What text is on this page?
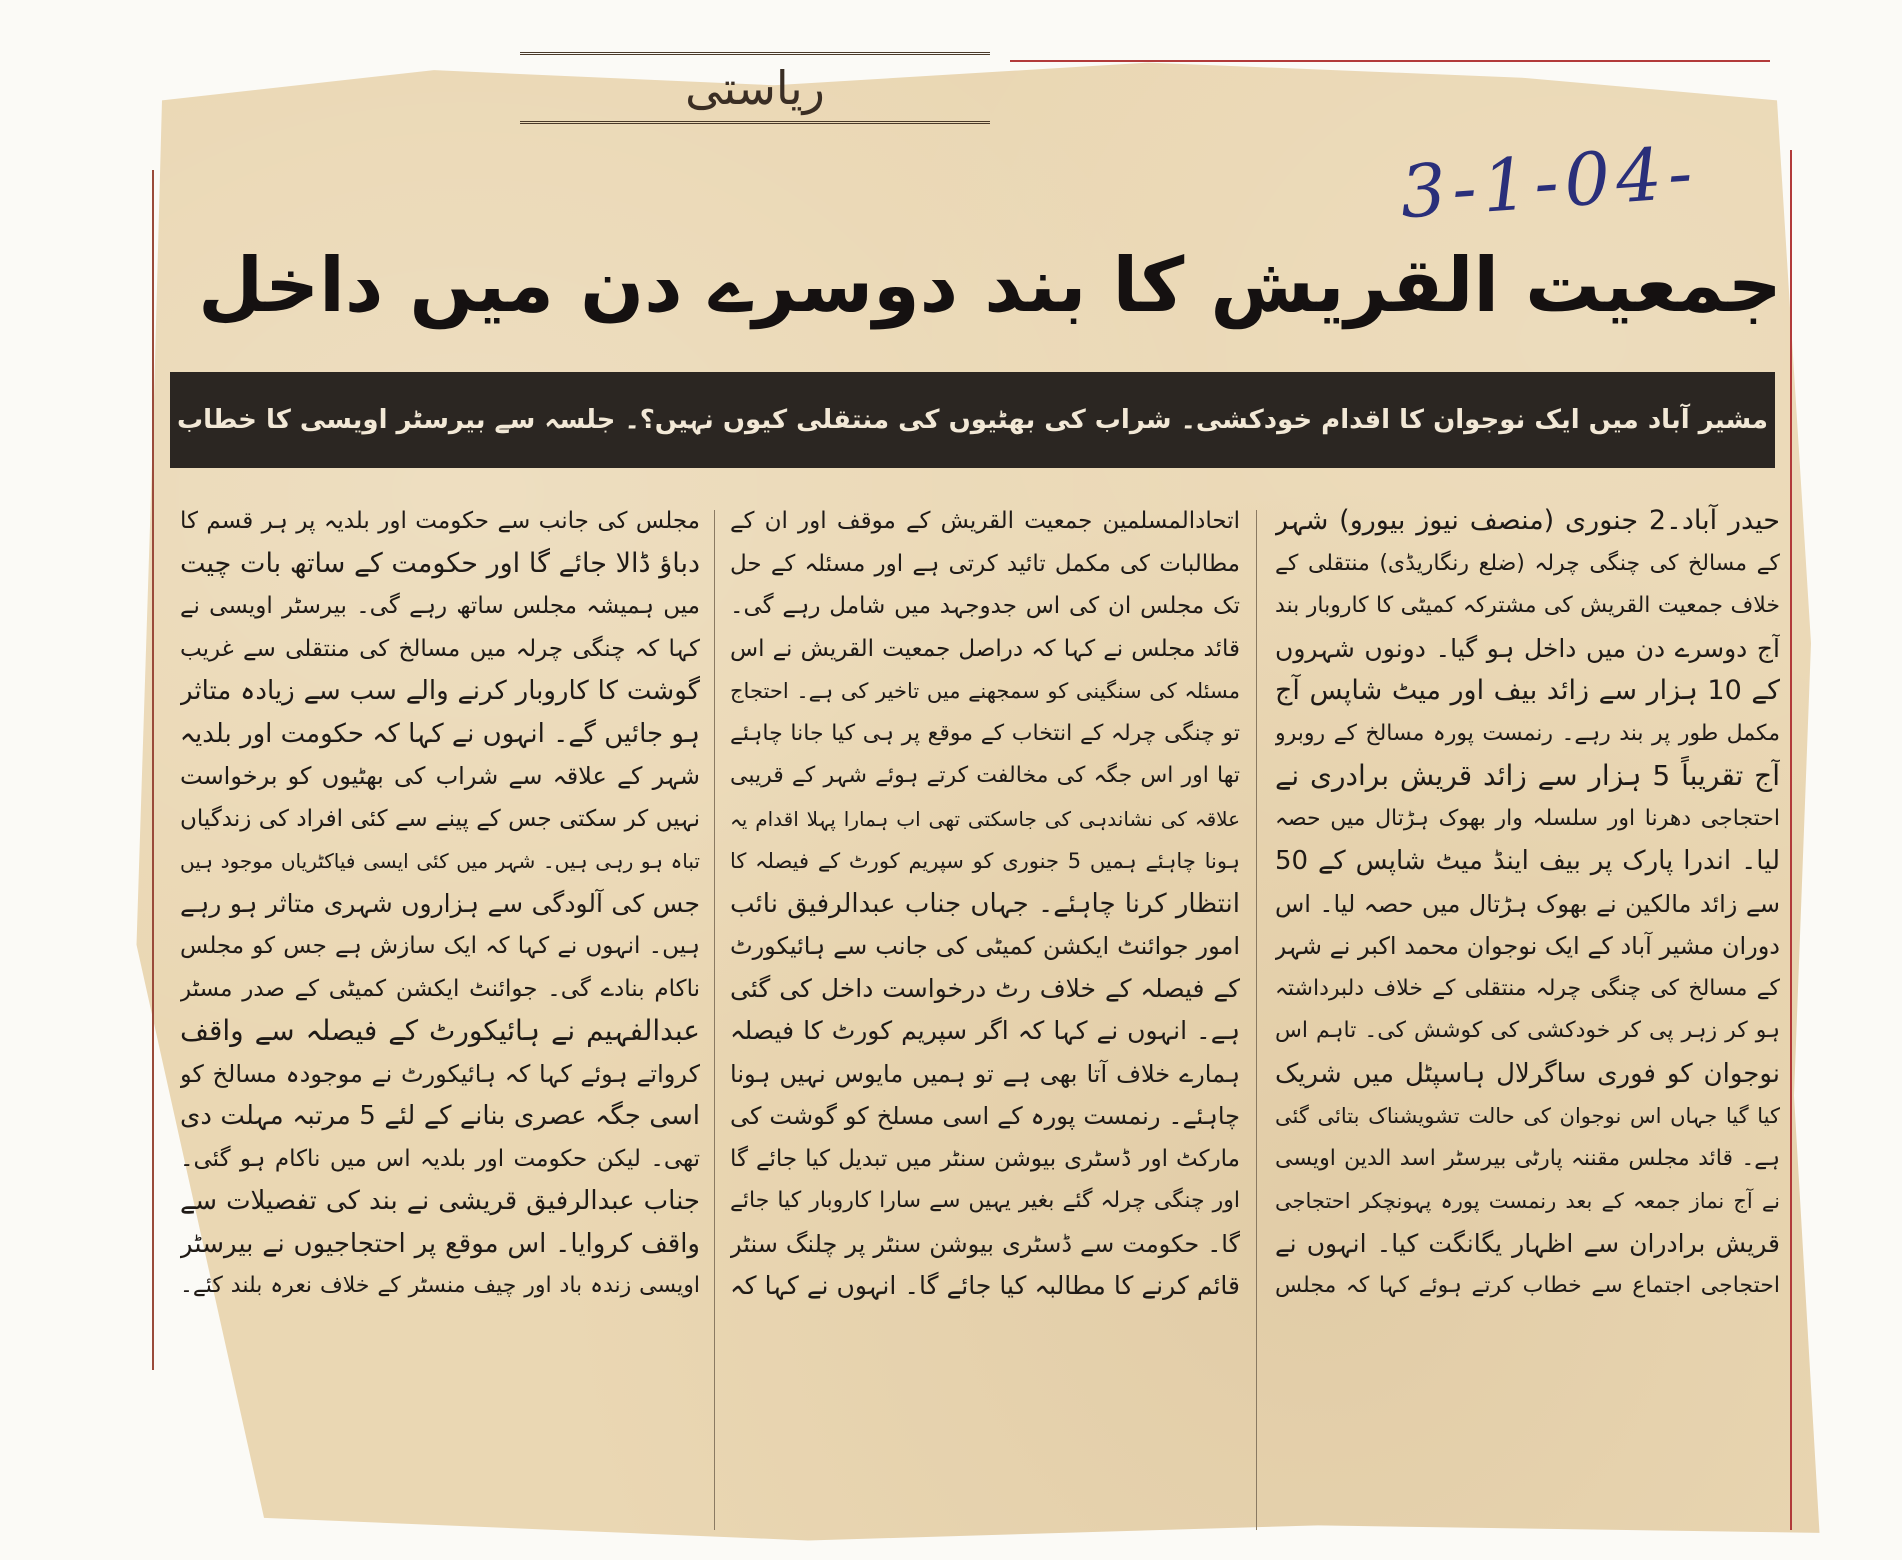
ریاستی
3-1-04-
جمعیت القریش کا بند دوسرے دن میں داخل
مشیر آباد میں ایک نوجوان کا اقدام خودکشی۔ شراب کی بھٹیوں کی منتقلی کیوں نہیں؟۔ جلسہ سے بیرسٹر اویسی کا خطاب
حیدر آباد۔2 جنوری (منصف نیوز بیورو) شہر
کے مسالخ کی چنگی چرلہ (ضلع رنگاریڈی) منتقلی کے
خلاف جمعیت القریش کی مشترکہ کمیٹی کا کاروبار بند
آج دوسرے دن میں داخل ہو گیا۔ دونوں شہروں
کے 10 ہزار سے زائد بیف اور میٹ شاپس آج
مکمل طور پر بند رہے۔ رنمست پورہ مسالخ کے روبرو
آج تقریباً 5 ہزار سے زائد قریش برادری نے
احتجاجی دھرنا اور سلسلہ وار بھوک ہڑتال میں حصہ
لیا۔ اندرا پارک پر بیف اینڈ میٹ شاپس کے 50
سے زائد مالکین نے بھوک ہڑتال میں حصہ لیا۔ اس
دوران مشیر آباد کے ایک نوجوان محمد اکبر نے شہر
کے مسالخ کی چنگی چرلہ منتقلی کے خلاف دلبرداشتہ
ہو کر زہر پی کر خودکشی کی کوشش کی۔ تاہم اس
نوجوان کو فوری ساگرلال ہاسپٹل میں شریک
کیا گیا جہاں اس نوجوان کی حالت تشویشناک بتائی گئی
ہے۔ قائد مجلس مقننہ پارٹی بیرسٹر اسد الدین اویسی
نے آج نماز جمعہ کے بعد رنمست پورہ پہونچکر احتجاجی
قریش برادران سے اظہار یگانگت کیا۔ انہوں نے
احتجاجی اجتماع سے خطاب کرتے ہوئے کہا کہ مجلس
اتحادالمسلمین جمعیت القریش کے موقف اور ان کے
مطالبات کی مکمل تائید کرتی ہے اور مسئلہ کے حل
تک مجلس ان کی اس جدوجہد میں شامل رہے گی۔
قائد مجلس نے کہا کہ دراصل جمعیت القریش نے اس
مسئلہ کی سنگینی کو سمجھنے میں تاخیر کی ہے۔ احتجاج
تو چنگی چرلہ کے انتخاب کے موقع پر ہی کیا جانا چاہئے
تھا اور اس جگہ کی مخالفت کرتے ہوئے شہر کے قریبی
علاقہ کی نشاندہی کی جاسکتی تھی اب ہمارا پہلا اقدام یہ
ہونا چاہئے ہمیں 5 جنوری کو سپریم کورٹ کے فیصلہ کا
انتظار کرنا چاہئے۔ جہاں جناب عبدالرفیق نائب
امور جوائنٹ ایکشن کمیٹی کی جانب سے ہائیکورٹ
کے فیصلہ کے خلاف رٹ درخواست داخل کی گئی
ہے۔ انہوں نے کہا کہ اگر سپریم کورٹ کا فیصلہ
ہمارے خلاف آتا بھی ہے تو ہمیں مایوس نہیں ہونا
چاہئے۔ رنمست پورہ کے اسی مسلخ کو گوشت کی
مارکٹ اور ڈسٹری بیوشن سنٹر میں تبدیل کیا جائے گا
اور چنگی چرلہ گئے بغیر یہیں سے سارا کاروبار کیا جائے
گا۔ حکومت سے ڈسٹری بیوشن سنٹر پر چلنگ سنٹر
قائم کرنے کا مطالبہ کیا جائے گا۔ انہوں نے کہا کہ
مجلس کی جانب سے حکومت اور بلدیہ پر ہر قسم کا
دباؤ ڈالا جائے گا اور حکومت کے ساتھ بات چیت
میں ہمیشہ مجلس ساتھ رہے گی۔ بیرسٹر اویسی نے
کہا کہ چنگی چرلہ میں مسالخ کی منتقلی سے غریب
گوشت کا کاروبار کرنے والے سب سے زیادہ متاثر
ہو جائیں گے۔ انہوں نے کہا کہ حکومت اور بلدیہ
شہر کے علاقہ سے شراب کی بھٹیوں کو برخواست
نہیں کر سکتی جس کے پینے سے کئی افراد کی زندگیاں
تباہ ہو رہی ہیں۔ شہر میں کئی ایسی فیاکٹریاں موجود ہیں
جس کی آلودگی سے ہزاروں شہری متاثر ہو رہے
ہیں۔ انہوں نے کہا کہ ایک سازش ہے جس کو مجلس
ناکام بنادے گی۔ جوائنٹ ایکشن کمیٹی کے صدر مسٹر
عبدالفہیم نے ہائیکورٹ کے فیصلہ سے واقف
کرواتے ہوئے کہا کہ ہائیکورٹ نے موجودہ مسالخ کو
اسی جگہ عصری بنانے کے لئے 5 مرتبہ مہلت دی
تھی۔ لیکن حکومت اور بلدیہ اس میں ناکام ہو گئی۔
جناب عبدالرفیق قریشی نے بند کی تفصیلات سے
واقف کروایا۔ اس موقع پر احتجاجیوں نے بیرسٹر
اویسی زندہ باد اور چیف منسٹر کے خلاف نعرہ بلند کئے۔
